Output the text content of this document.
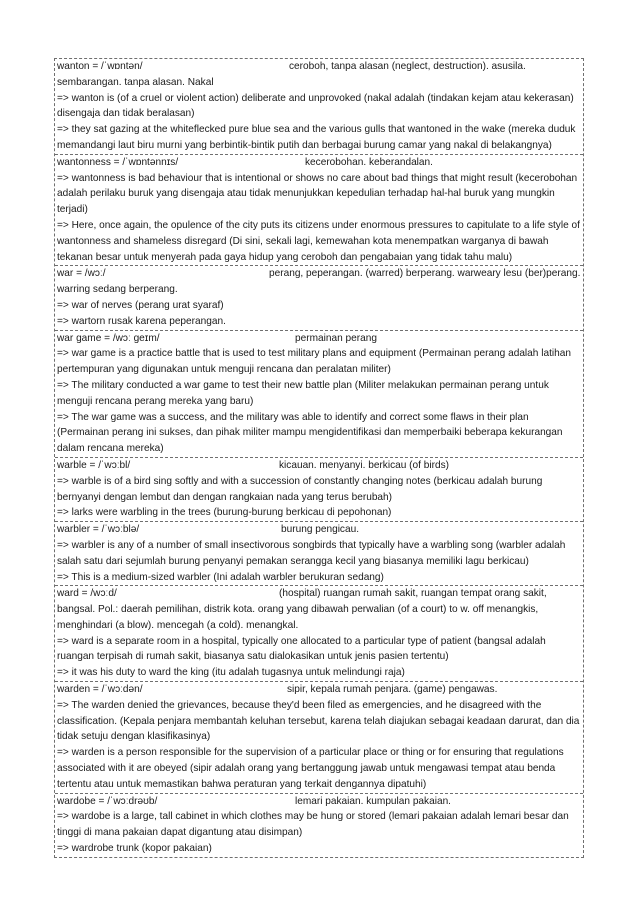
wanton = /ˈwɒntən/	ceroboh, tanpa alasan (neglect, destruction). asusila. sembarangan. tanpa alasan. Nakal
=> wanton is (of a cruel or violent action) deliberate and unprovoked (nakal adalah (tindakan kejam atau kekerasan) disengaja dan tidak beralasan)
=> they sat gazing at the whiteflecked pure blue sea and the various gulls that wantoned in the wake (mereka duduk memandangi laut biru murni yang berbintik-bintik putih dan berbagai burung camar yang nakal di belakangnya)
wantonness = /ˈwɒntənnɪs/	kecerobohan. keberandalan.
=> wantonness is bad behaviour that is intentional or shows no care about bad things that might result (kecerobohan adalah perilaku buruk yang disengaja atau tidak menunjukkan kepedulian terhadap hal-hal buruk yang mungkin terjadi)
=> Here, once again, the opulence of the city puts its citizens under enormous pressures to capitulate to a life style of wantonness and shameless disregard (Di sini, sekali lagi, kemewahan kota menempatkan warganya di bawah tekanan besar untuk menyerah pada gaya hidup yang ceroboh dan pengabaian yang tidak tahu malu)
war = /wɔː/	perang, peperangan. (warred) berperang. warweary lesu (ber)perang. warring sedang berperang.
=> war of nerves (perang urat syaraf)
=> wartorn rusak karena peperangan.
war game = /wɔː geɪm/	permainan perang
=> war game is a practice battle that is used to test military plans and equipment (Permainan perang adalah latihan pertempuran yang digunakan untuk menguji rencana dan peralatan militer)
=> The military conducted a war game to test their new battle plan (Militer melakukan permainan perang untuk menguji rencana perang mereka yang baru)
=> The war game was a success, and the military was able to identify and correct some flaws in their plan (Permainan perang ini sukses, dan pihak militer mampu mengidentifikasi dan memperbaiki beberapa kekurangan dalam rencana mereka)
warble = /ˈwɔːbl/	kicauan. menyanyi. berkicau (of birds)
=> warble is of a bird sing softly and with a succession of constantly changing notes (berkicau adalah burung bernyanyi dengan lembut dan dengan rangkaian nada yang terus berubah)
=> larks were warbling in the trees (burung-burung berkicau di pepohonan)
warbler = /ˈwɔːblə/	burung pengicau.
=> warbler is any of a number of small insectivorous songbirds that typically have a warbling song (warbler adalah salah satu dari sejumlah burung penyanyi pemakan serangga kecil yang biasanya memiliki lagu berkicau)
=> This is a medium-sized warbler (Ini adalah warbler berukuran sedang)
ward = /wɔːd/	(hospital) ruangan rumah sakit, ruangan tempat orang sakit, bangsal. Pol.: daerah pemilihan, distrik kota. orang yang dibawah perwalian (of a court) to w. off menangkis, menghindari (a blow). mencegah (a cold). menangkal.
=> ward is a separate room in a hospital, typically one allocated to a particular type of patient (bangsal adalah ruangan terpisah di rumah sakit, biasanya satu dialokasikan untuk jenis pasien tertentu)
=> it was his duty to ward the king (itu adalah tugasnya untuk melindungi raja)
warden = /ˈwɔːdən/	sipir, kepala rumah penjara. (game) pengawas.
=> The warden denied the grievances, because they'd been filed as emergencies, and he disagreed with the classification. (Kepala penjara membantah keluhan tersebut, karena telah diajukan sebagai keadaan darurat, dan dia tidak setuju dengan klasifikasinya)
=> warden is a person responsible for the supervision of a particular place or thing or for ensuring that regulations associated with it are obeyed (sipir adalah orang yang bertanggung jawab untuk mengawasi tempat atau benda tertentu atau untuk memastikan bahwa peraturan yang terkait dengannya dipatuhi)
wardobe = /ˈwɔːdrəʊb/	lemari pakaian. kumpulan pakaian.
=> wardobe is a large, tall cabinet in which clothes may be hung or stored (lemari pakaian adalah lemari besar dan tinggi di mana pakaian dapat digantung atau disimpan)
=> wardrobe trunk (kopor pakaian)
